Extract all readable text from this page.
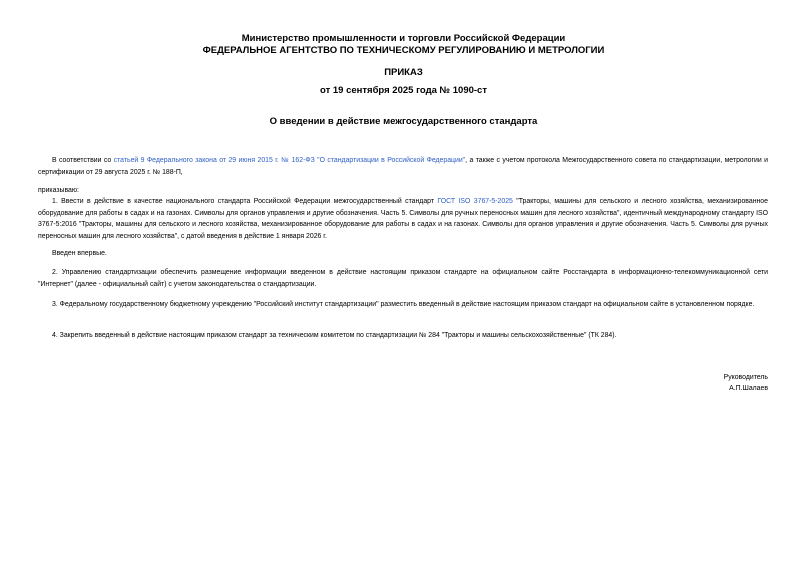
Министерство промышленности и торговли Российской Федерации
ФЕДЕРАЛЬНОЕ АГЕНТСТВО ПО ТЕХНИЧЕСКОМУ РЕГУЛИРОВАНИЮ И МЕТРОЛОГИИ
ПРИКАЗ
от 19 сентября 2025 года № 1090-ст
О введении в действие межгосударственного стандарта
В соответствии со статьей 9 Федерального закона от 29 июня 2015 г. № 162-ФЗ "О стандартизации в Российской Федерации", а также с учетом протокола Межгосударственного совета по стандартизации, метрологии и сертификации от 29 августа 2025 г. № 188-П,
приказываю:
1. Ввести в действие в качестве национального стандарта Российской Федерации межгосударственный стандарт ГОСТ ISO 3767-5-2025 "Тракторы, машины для сельского и лесного хозяйства, механизированное оборудование для работы в садах и на газонах. Символы для органов управления и другие обозначения. Часть 5. Символы для ручных переносных машин для лесного хозяйства", идентичный международному стандарту ISO 3767-5:2016 "Тракторы, машины для сельского и лесного хозяйства, механизированное оборудование для работы в садах и на газонах. Символы для органов управления и другие обозначения. Часть 5. Символы для ручных переносных машин для лесного хозяйства", с датой введения в действие 1 января 2026 г.
Введен впервые.
2. Управлению стандартизации обеспечить размещение информации введенном в действие настоящим приказом стандарте на официальном сайте Росстандарта в информационно-телекоммуникационной сети "Интернет" (далее - официальный сайт) с учетом законодательства о стандартизации.
3. Федеральному государственному бюджетному учреждению "Российский институт стандартизации" разместить введенный в действие настоящим приказом стандарт на официальном сайте в установленном порядке.
4. Закрепить введенный в действие настоящим приказом стандарт за техническим комитетом по стандартизации № 284 "Тракторы и машины сельскохозяйственные" (ТК 284).
Руководитель
А.П.Шалаев
